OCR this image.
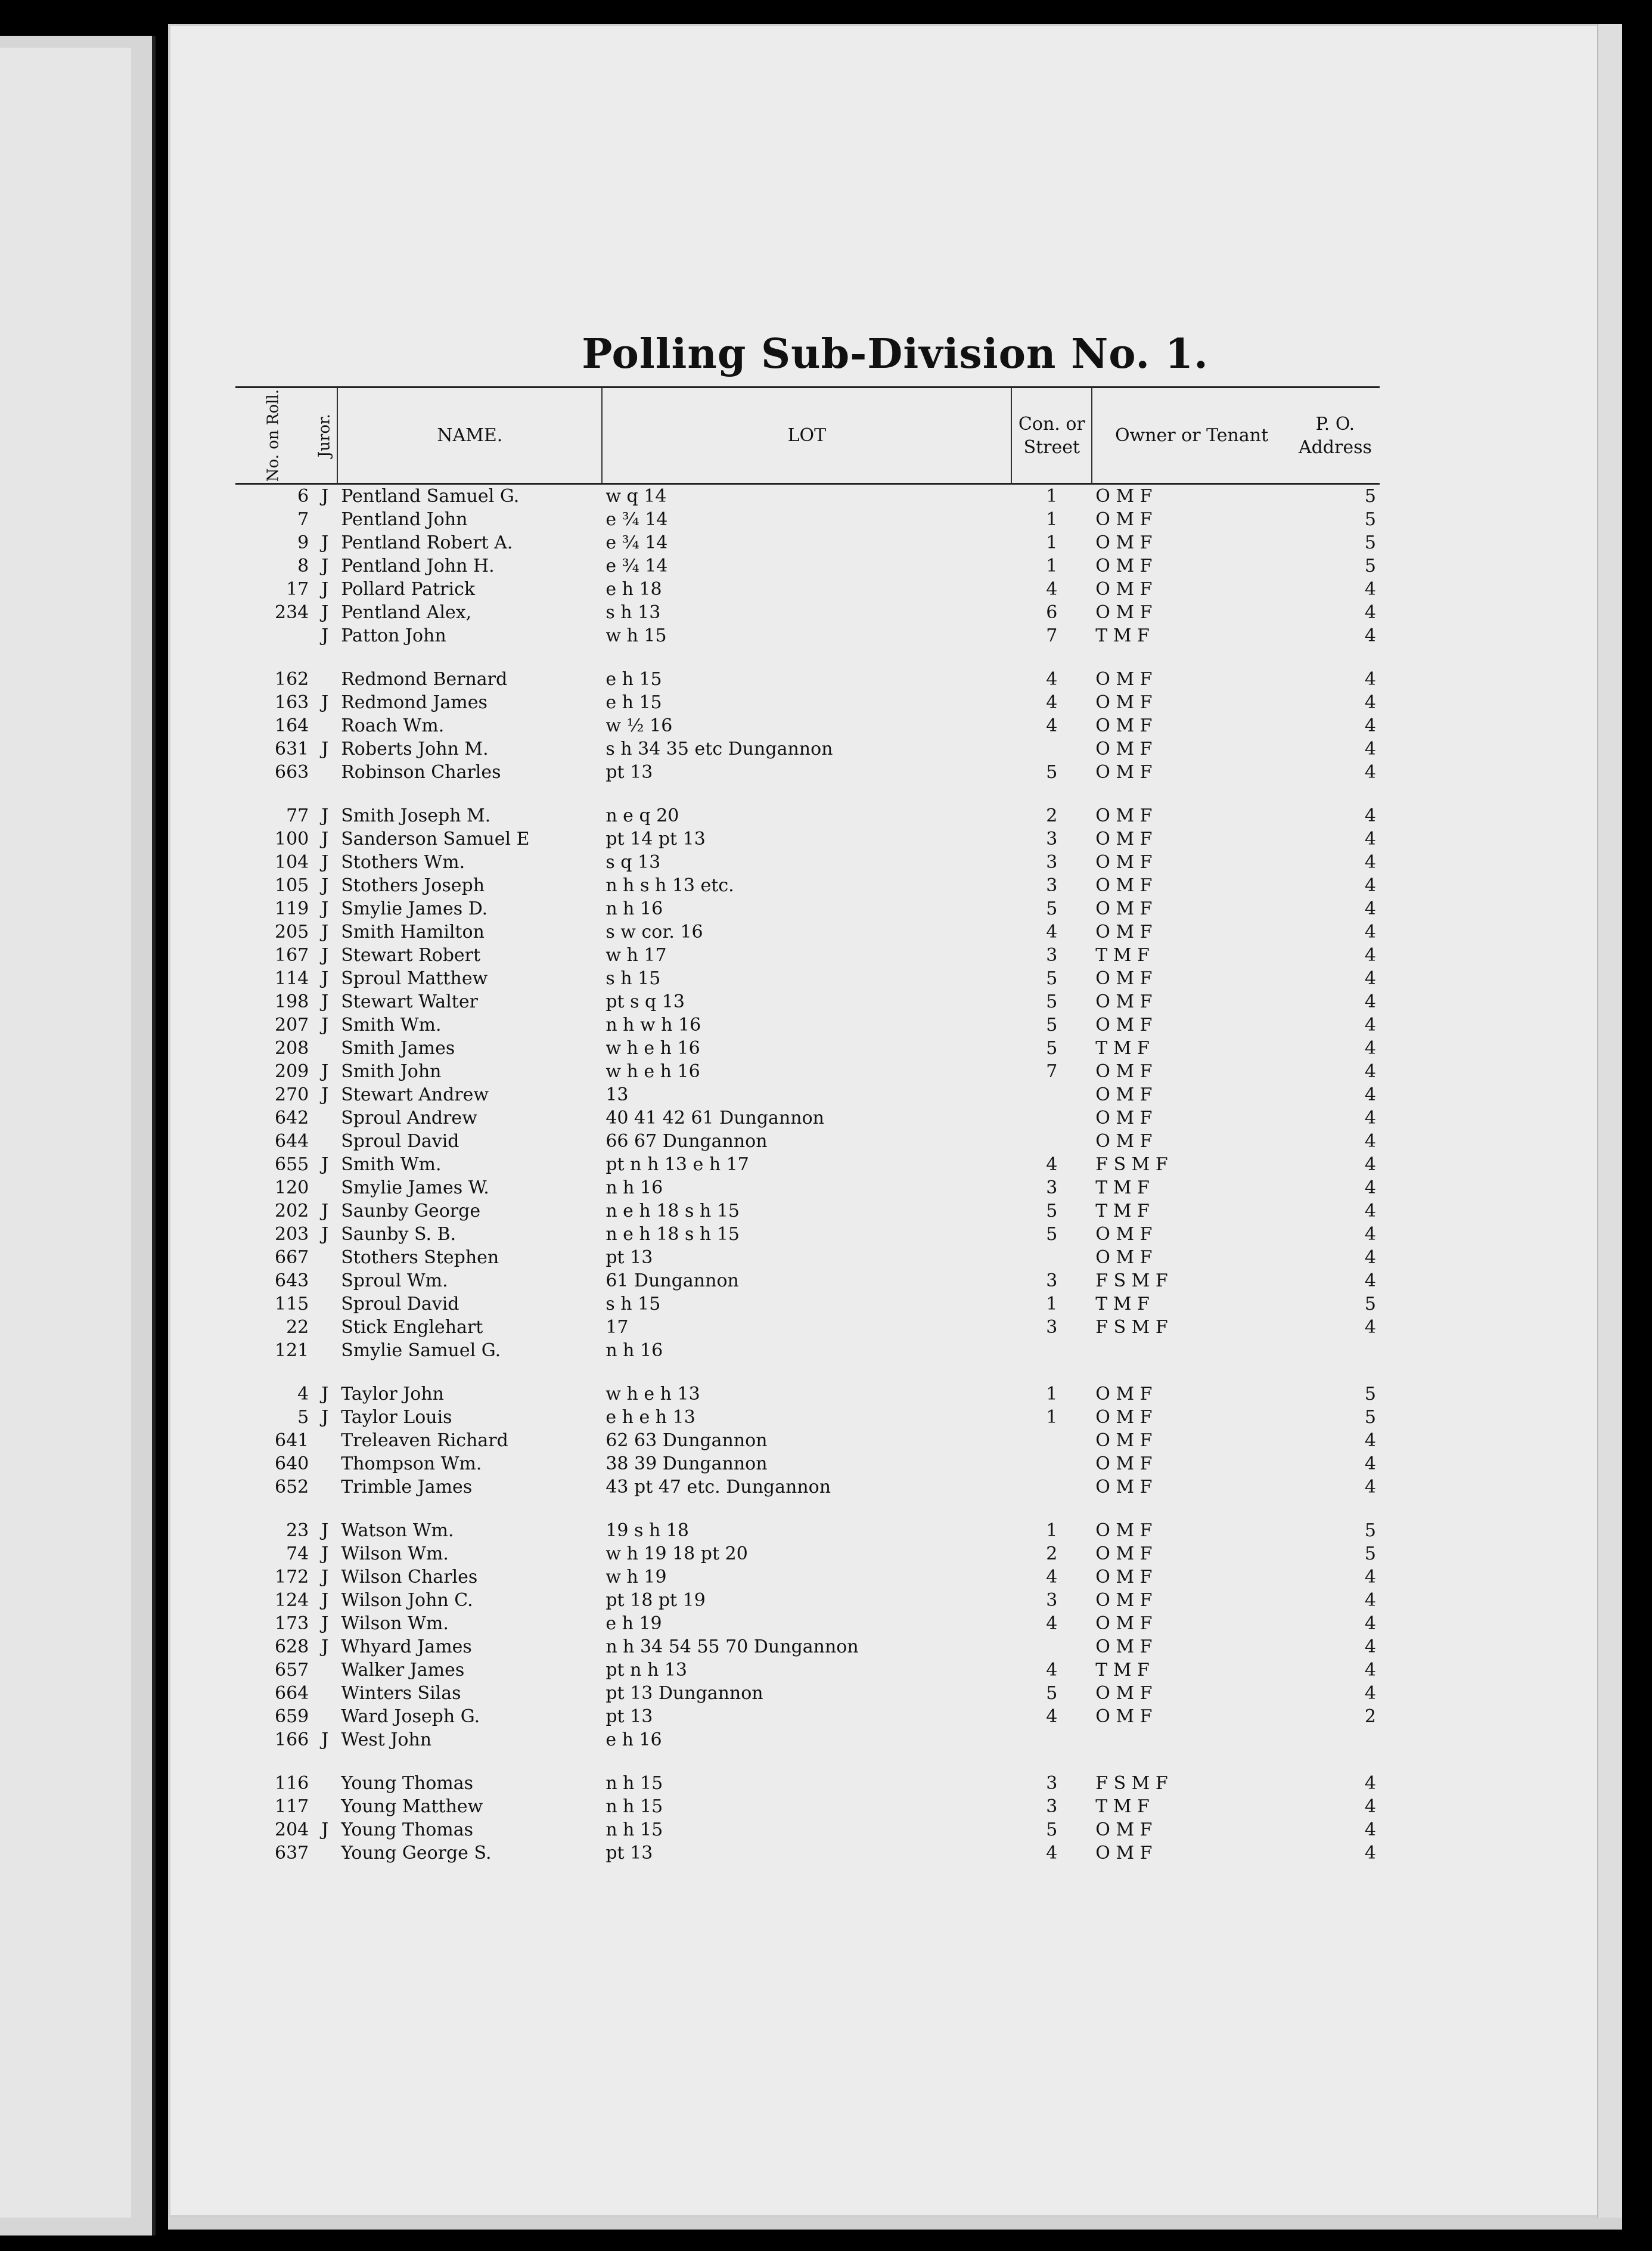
Polling Sub-Division No. 1.
No. on Roll.	Juror.	NAME.	LOT	Con. or Street	Owner or Tenant	P. O. Address
6	J	Pentland Samuel G.	w q 14	1	O M F	5
7		Pentland John	e ¾ 14	1	O M F	5
9	J	Pentland Robert A.	e ¾ 14	1	O M F	5
8	J	Pentland John H.	e ¾ 14	1	O M F	5
17	J	Pollard Patrick	e h 18	4	O M F	4
234	J	Pentland Alex,	s h 13	6	O M F	4
	J	Patton John	w h 15	7	T M F	4

162		Redmond Bernard	e h 15	4	O M F	4
163	J	Redmond James	e h 15	4	O M F	4
164		Roach Wm.	w ½ 16	4	O M F	4
631	J	Roberts John M.	s h 34 35 etc Dungannon		O M F	4
663		Robinson Charles	pt 13	5	O M F	4

77	J	Smith Joseph M.	n e q 20	2	O M F	4
100	J	Sanderson Samuel E	pt 14 pt 13	3	O M F	4
104	J	Stothers Wm.	s q 13	3	O M F	4
105	J	Stothers Joseph	n h s h 13 etc.	3	O M F	4
119	J	Smylie James D.	n h 16	5	O M F	4
205	J	Smith Hamilton	s w cor. 16	4	O M F	4
167	J	Stewart Robert	w h 17	3	T M F	4
114	J	Sproul Matthew	s h 15	5	O M F	4
198	J	Stewart Walter	pt s q 13	5	O M F	4
207	J	Smith Wm.	n h w h 16	5	O M F	4
208		Smith James	w h e h 16	5	T M F	4
209	J	Smith John	w h e h 16	7	O M F	4
270	J	Stewart Andrew	13		O M F	4
642		Sproul Andrew	40 41 42 61 Dungannon		O M F	4
644		Sproul David	66 67 Dungannon		O M F	4
655	J	Smith Wm.	pt n h 13 e h 17	4	F S M F	4
120		Smylie James W.	n h 16	3	T M F	4
202	J	Saunby George	n e h 18 s h 15	5	T M F	4
203	J	Saunby S. B.	n e h 18 s h 15	5	O M F	4
667		Stothers Stephen	pt 13		O M F	4
643		Sproul Wm.	61 Dungannon	3	F S M F	4
115		Sproul David	s h 15	1	T M F	5
22		Stick Englehart	17	3	F S M F	4
121		Smylie Samuel G.	n h 16			

4	J	Taylor John	w h e h 13	1	O M F	5
5	J	Taylor Louis	e h e h 13	1	O M F	5
641		Treleaven Richard	62 63 Dungannon		O M F	4
640		Thompson Wm.	38 39 Dungannon		O M F	4
652		Trimble James	43 pt 47 etc. Dungannon		O M F	4

23	J	Watson Wm.	19 s h 18	1	O M F	5
74	J	Wilson Wm.	w h 19 18 pt 20	2	O M F	5
172	J	Wilson Charles	w h 19	4	O M F	4
124	J	Wilson John C.	pt 18 pt 19	3	O M F	4
173	J	Wilson Wm.	e h 19	4	O M F	4
628	J	Whyard James	n h 34 54 55 70 Dungannon		O M F	4
657		Walker James	pt n h 13	4	T M F	4
664		Winters Silas	pt 13 Dungannon	5	O M F	4
659		Ward Joseph G.	pt 13	4	O M F	2
166	J	West John	e h 16			

116		Young Thomas	n h 15	3	F S M F	4
117		Young Matthew	n h 15	3	T M F	4
204	J	Young Thomas	n h 15	5	O M F	4
637		Young George S.	pt 13	4	O M F	4
